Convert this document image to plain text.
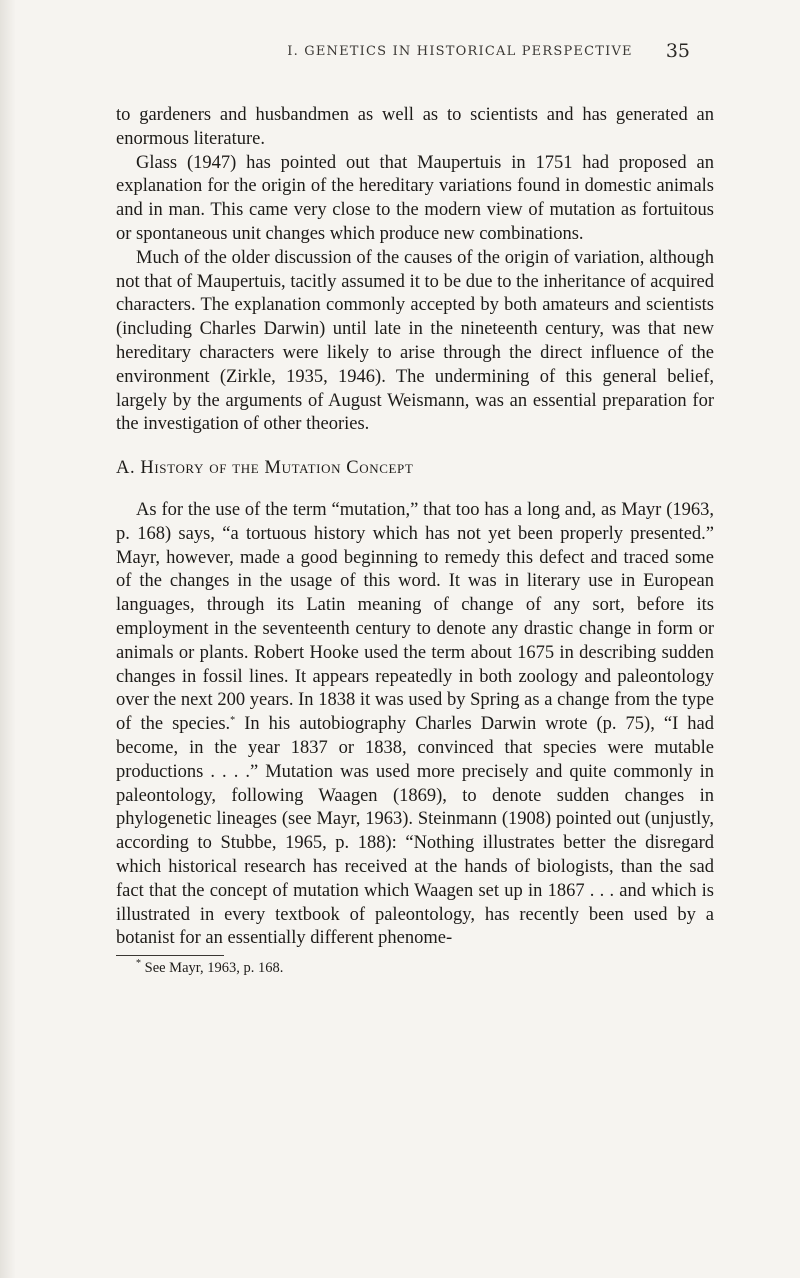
I. GENETICS IN HISTORICAL PERSPECTIVE	35

to gardeners and husbandmen as well as to scientists and has generated an enormous literature.

Glass (1947) has pointed out that Maupertuis in 1751 had proposed an explanation for the origin of the hereditary variations found in domestic animals and in man. This came very close to the modern view of mutation as fortuitous or spontaneous unit changes which produce new combinations.

Much of the older discussion of the causes of the origin of variation, although not that of Maupertuis, tacitly assumed it to be due to the inheritance of acquired characters. The explanation commonly accepted by both amateurs and scientists (including Charles Darwin) until late in the nineteenth century, was that new hereditary characters were likely to arise through the direct influence of the environment (Zirkle, 1935, 1946). The undermining of this general belief, largely by the arguments of August Weismann, was an essential preparation for the investigation of other theories.

A. History of the Mutation Concept

As for the use of the term “mutation,” that too has a long and, as Mayr (1963, p. 168) says, “a tortuous history which has not yet been properly presented.” Mayr, however, made a good beginning to remedy this defect and traced some of the changes in the usage of this word. It was in literary use in European languages, through its Latin meaning of change of any sort, before its employment in the seventeenth century to denote any drastic change in form or animals or plants. Robert Hooke used the term about 1675 in describing sudden changes in fossil lines. It appears repeatedly in both zoology and paleontology over the next 200 years. In 1838 it was used by Spring as a change from the type of the species.* In his autobiography Charles Darwin wrote (p. 75), “I had become, in the year 1837 or 1838, convinced that species were mutable productions . . . .” Mutation was used more precisely and quite commonly in paleontology, following Waagen (1869), to denote sudden changes in phylogenetic lineages (see Mayr, 1963). Steinmann (1908) pointed out (unjustly, according to Stubbe, 1965, p. 188): “Nothing illustrates better the disregard which historical research has received at the hands of biologists, than the sad fact that the concept of mutation which Waagen set up in 1867 . . . and which is illustrated in every textbook of paleontology, has recently been used by a botanist for an essentially different phenome-

* See Mayr, 1963, p. 168.
